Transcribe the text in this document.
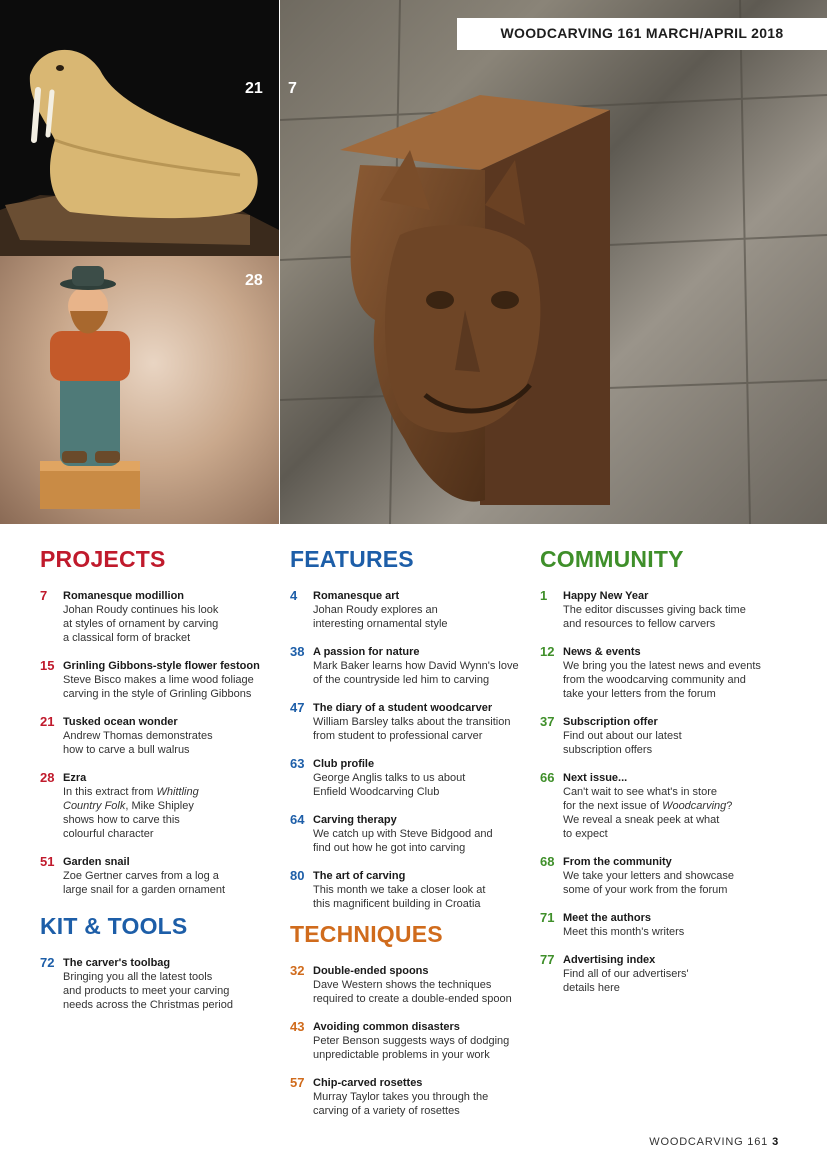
21
28
7
WOODCARVING 161 MARCH/APRIL 2018
PROJECTS
7	Romanesque modillion
Johan Roudy continues his look
at styles of ornament by carving
a classical form of bracket
15 Grinling Gibbons-style flower festoon
Steve Bisco makes a lime wood foliage
carving in the style of Grinling Gibbons
21 Tusked ocean wonder
Andrew Thomas demonstrates
how to carve a bull walrus
28 Ezra
In this extract from Whittling
Country Folk, Mike Shipley
shows how to carve this
colourful character
51 Garden snail
Zoe Gertner carves from a log a
large snail for a garden ornament
KIT & TOOLS
72 The carver's toolbag
Bringing you all the latest tools
and products to meet your carving
needs across the Christmas period
FEATURES
4	Romanesque art
Johan Roudy explores an
interesting ornamental style
38 A passion for nature
Mark Baker learns how David Wynn's love
of the countryside led him to carving
47 The diary of a student woodcarver
William Barsley talks about the transition
from student to professional carver
63 Club profile
George Anglis talks to us about
Enfield Woodcarving Club
64 Carving therapy
We catch up with Steve Bidgood and
find out how he got into carving
80 The art of carving
This month we take a closer look at
this magnificent building in Croatia
TECHNIQUES
32 Double-ended spoons
Dave Western shows the techniques
required to create a double-ended spoon
43 Avoiding common disasters
Peter Benson suggests ways of dodging
unpredictable problems in your work
57 Chip-carved rosettes
Murray Taylor takes you through the
carving of a variety of rosettes
COMMUNITY
1	Happy New Year
The editor discusses giving back time
and resources to fellow carvers
12 News & events
We bring you the latest news and events
from the woodcarving community and
take your letters from the forum
37 Subscription offer
Find out about our latest
subscription offers
66 Next issue...
Can't wait to see what's in store
for the next issue of Woodcarving?
We reveal a sneak peek at what
to expect
68 From the community
We take your letters and showcase
some of your work from the forum
71 Meet the authors
Meet this month's writers
77 Advertising index
Find all of our advertisers'
details here
WOODCARVING 161 3
